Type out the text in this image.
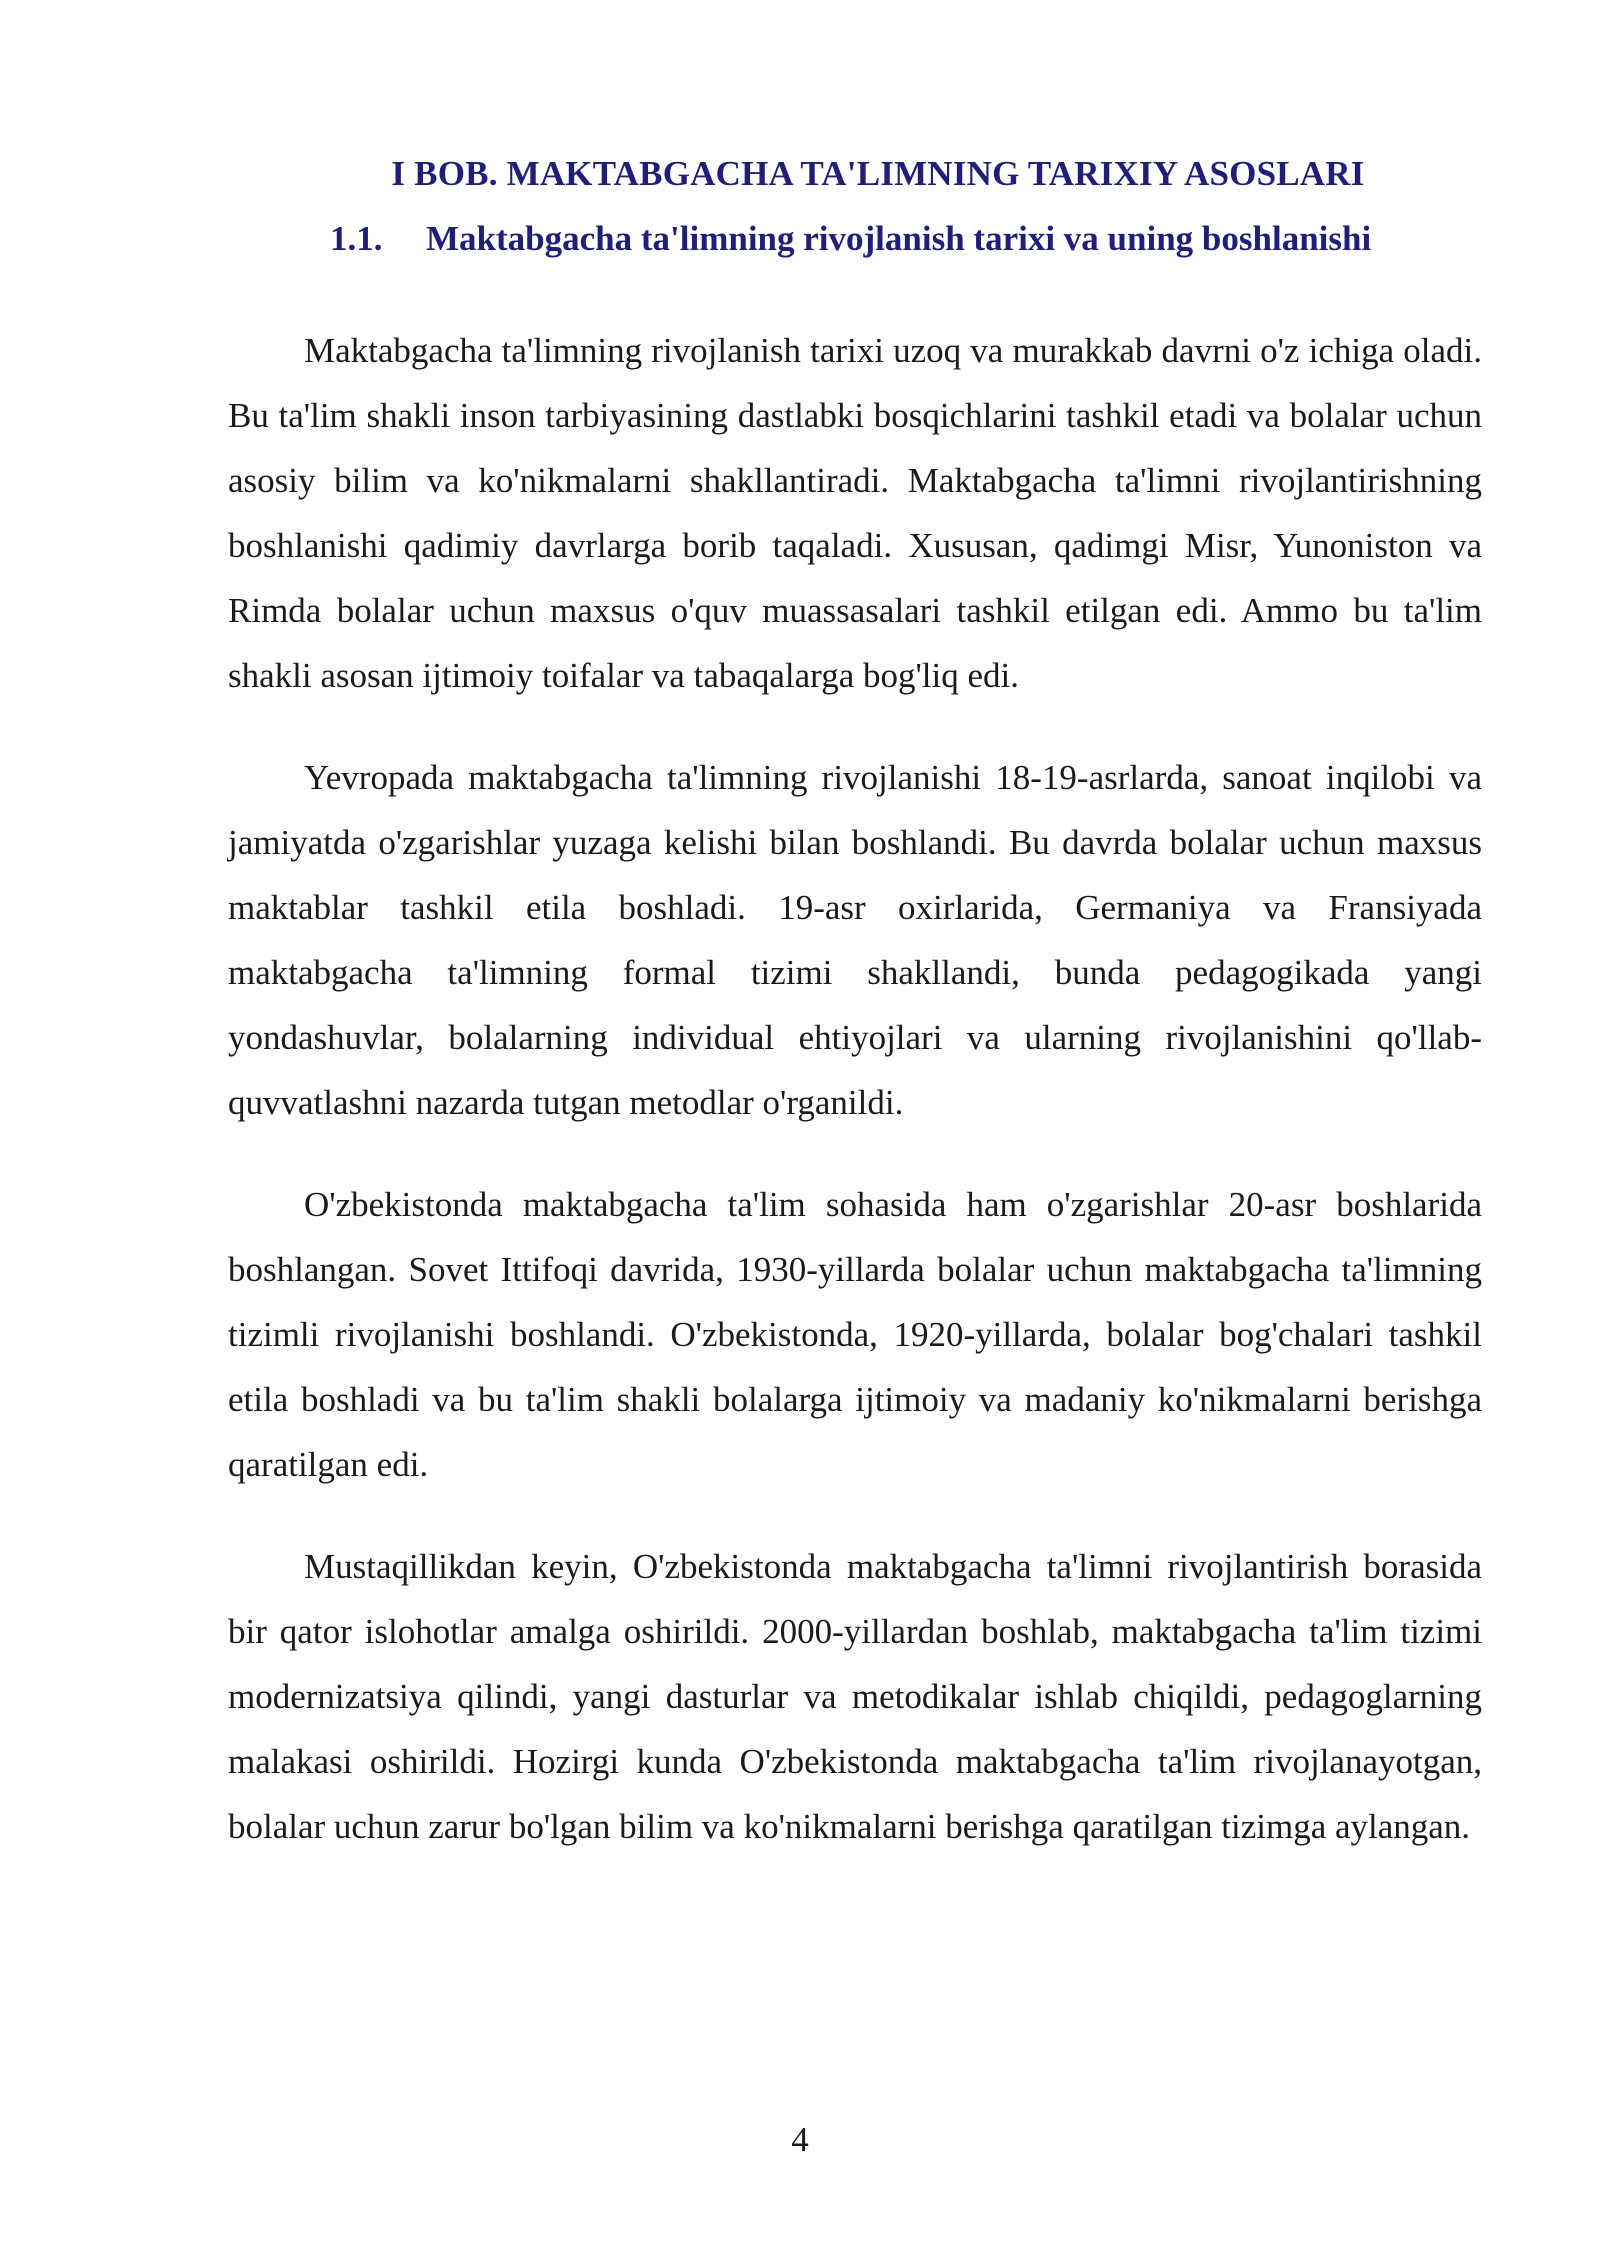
I BOB. MAKTABGACHA TA'LIMNING TARIXIY ASOSLARI
1.1. Maktabgacha ta'limning rivojlanish tarixi va uning boshlanishi

Maktabgacha ta'limning rivojlanish tarixi uzoq va murakkab davrni o'z ichiga oladi. Bu ta'lim shakli inson tarbiyasining dastlabki bosqichlarini tashkil etadi va bolalar uchun asosiy bilim va ko'nikmalarni shakllantiradi. Maktabgacha ta'limni rivojlantirishning boshlanishi qadimiy davrlarga borib taqaladi. Xususan, qadimgi Misr, Yunoniston va Rimda bolalar uchun maxsus o'quv muassasalari tashkil etilgan edi. Ammo bu ta'lim shakli asosan ijtimoiy toifalar va tabaqalarga bog'liq edi.

Yevropada maktabgacha ta'limning rivojlanishi 18-19-asrlarda, sanoat inqilobi va jamiyatda o'zgarishlar yuzaga kelishi bilan boshlandi. Bu davrda bolalar uchun maxsus maktablar tashkil etila boshladi. 19-asr oxirlarida, Germaniya va Fransiyada maktabgacha ta'limning formal tizimi shakllandi, bunda pedagogikada yangi yondashuvlar, bolalarning individual ehtiyojlari va ularning rivojlanishini qo'llab-quvvatlashni nazarda tutgan metodlar o'rganildi.

O'zbekistonda maktabgacha ta'lim sohasida ham o'zgarishlar 20-asr boshlarida boshlangan. Sovet Ittifoqi davrida, 1930-yillarda bolalar uchun maktabgacha ta'limning tizimli rivojlanishi boshlandi. O'zbekistonda, 1920-yillarda, bolalar bog'chalari tashkil etila boshladi va bu ta'lim shakli bolalarga ijtimoiy va madaniy ko'nikmalarni berishga qaratilgan edi.

Mustaqillikdan keyin, O'zbekistonda maktabgacha ta'limni rivojlantirish borasida bir qator islohotlar amalga oshirildi. 2000-yillardan boshlab, maktabgacha ta'lim tizimi modernizatsiya qilindi, yangi dasturlar va metodikalar ishlab chiqildi, pedagoglarning malakasi oshirildi. Hozirgi kunda O'zbekistonda maktabgacha ta'lim rivojlanayotgan, bolalar uchun zarur bo'lgan bilim va ko'nikmalarni berishga qaratilgan tizimga aylangan.

4
